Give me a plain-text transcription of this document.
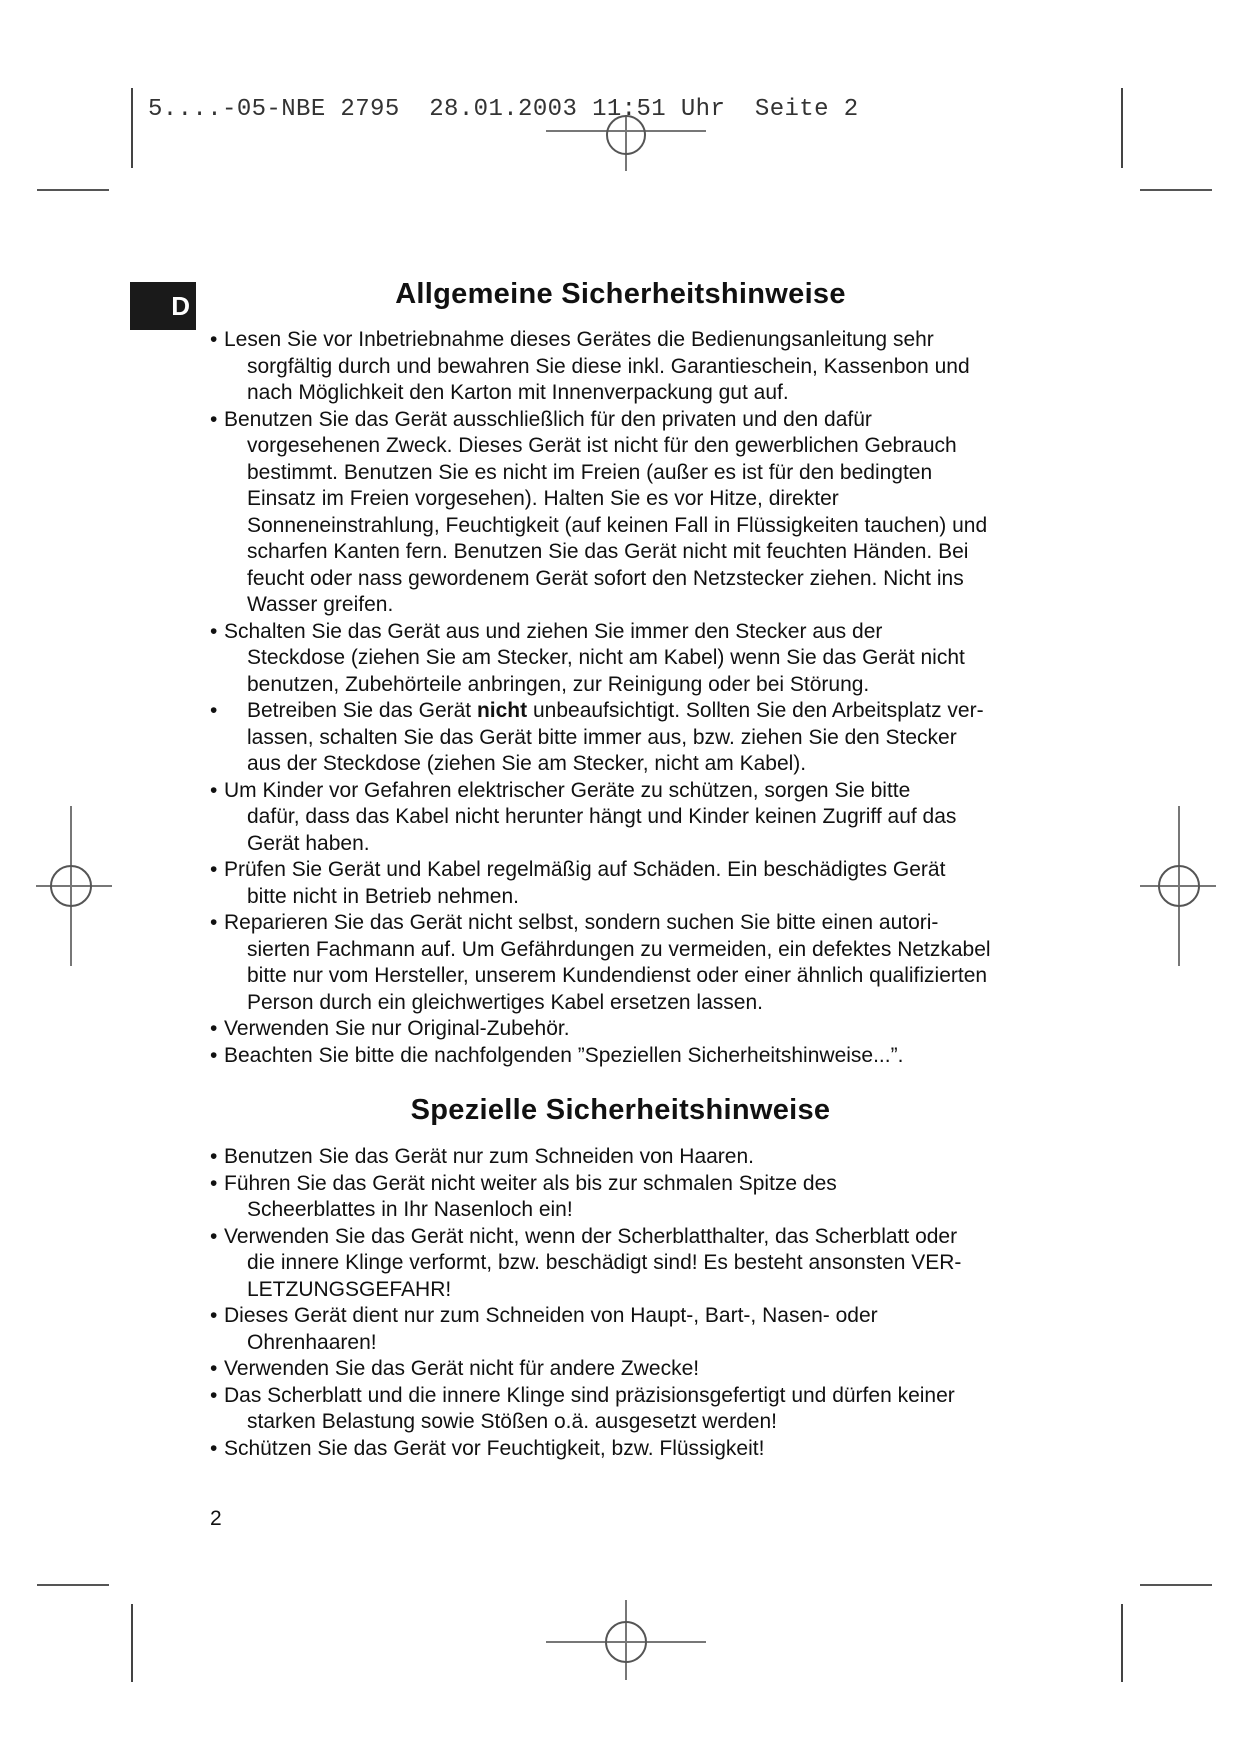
5....-05-NBE 2795  28.01.2003 11:51 Uhr  Seite 2
D	Allgemeine Sicherheitshinweise
• Lesen Sie vor Inbetriebnahme dieses Gerätes die Bedienungsanleitung sehr
sorgfältig durch und bewahren Sie diese inkl. Garantieschein, Kassenbon und
nach Möglichkeit den Karton mit Innenverpackung gut auf.
• Benutzen Sie das Gerät ausschließlich für den privaten und den dafür
vorgesehenen Zweck. Dieses Gerät ist nicht für den gewerblichen Gebrauch
bestimmt. Benutzen Sie es nicht im Freien (außer es ist für den bedingten
Einsatz im Freien vorgesehen). Halten Sie es vor Hitze, direkter
Sonneneinstrahlung, Feuchtigkeit (auf keinen Fall in Flüssigkeiten tauchen) und
scharfen Kanten fern. Benutzen Sie das Gerät nicht mit feuchten Händen. Bei
feucht oder nass gewordenem Gerät sofort den Netzstecker ziehen. Nicht ins
Wasser greifen.
• Schalten Sie das Gerät aus und ziehen Sie immer den Stecker aus der
Steckdose (ziehen Sie am Stecker, nicht am Kabel) wenn Sie das Gerät nicht
benutzen, Zubehörteile anbringen, zur Reinigung oder bei Störung.
• Betreiben Sie das Gerät nicht unbeaufsichtigt. Sollten Sie den Arbeitsplatz ver-
lassen, schalten Sie das Gerät bitte immer aus, bzw. ziehen Sie den Stecker
aus der Steckdose (ziehen Sie am Stecker, nicht am Kabel).
• Um Kinder vor Gefahren elektrischer Geräte zu schützen, sorgen Sie bitte
dafür, dass das Kabel nicht herunter hängt und Kinder keinen Zugriff auf das
Gerät haben.
• Prüfen Sie Gerät und Kabel regelmäßig auf Schäden. Ein beschädigtes Gerät
bitte nicht in Betrieb nehmen.
• Reparieren Sie das Gerät nicht selbst, sondern suchen Sie bitte einen autori-
sierten Fachmann auf. Um Gefährdungen zu vermeiden, ein defektes Netzkabel
bitte nur vom Hersteller, unserem Kundendienst oder einer ähnlich qualifizierten
Person durch ein gleichwertiges Kabel ersetzen lassen.
• Verwenden Sie nur Original-Zubehör.
• Beachten Sie bitte die nachfolgenden ”Speziellen Sicherheitshinweise...”.
Spezielle Sicherheitshinweise
• Benutzen Sie das Gerät nur zum Schneiden von Haaren.
• Führen Sie das Gerät nicht weiter als bis zur schmalen Spitze des
Scheerblattes in Ihr Nasenloch ein!
• Verwenden Sie das Gerät nicht, wenn der Scherblatthalter, das Scherblatt oder
die innere Klinge verformt, bzw. beschädigt sind! Es besteht ansonsten VER-
LETZUNGSGEFAHR!
• Dieses Gerät dient nur zum Schneiden von Haupt-, Bart-, Nasen- oder
Ohrenhaaren!
• Verwenden Sie das Gerät nicht für andere Zwecke!
• Das Scherblatt und die innere Klinge sind präzisionsgefertigt und dürfen keiner
starken Belastung sowie Stößen o.ä. ausgesetzt werden!
• Schützen Sie das Gerät vor Feuchtigkeit, bzw. Flüssigkeit!
2
